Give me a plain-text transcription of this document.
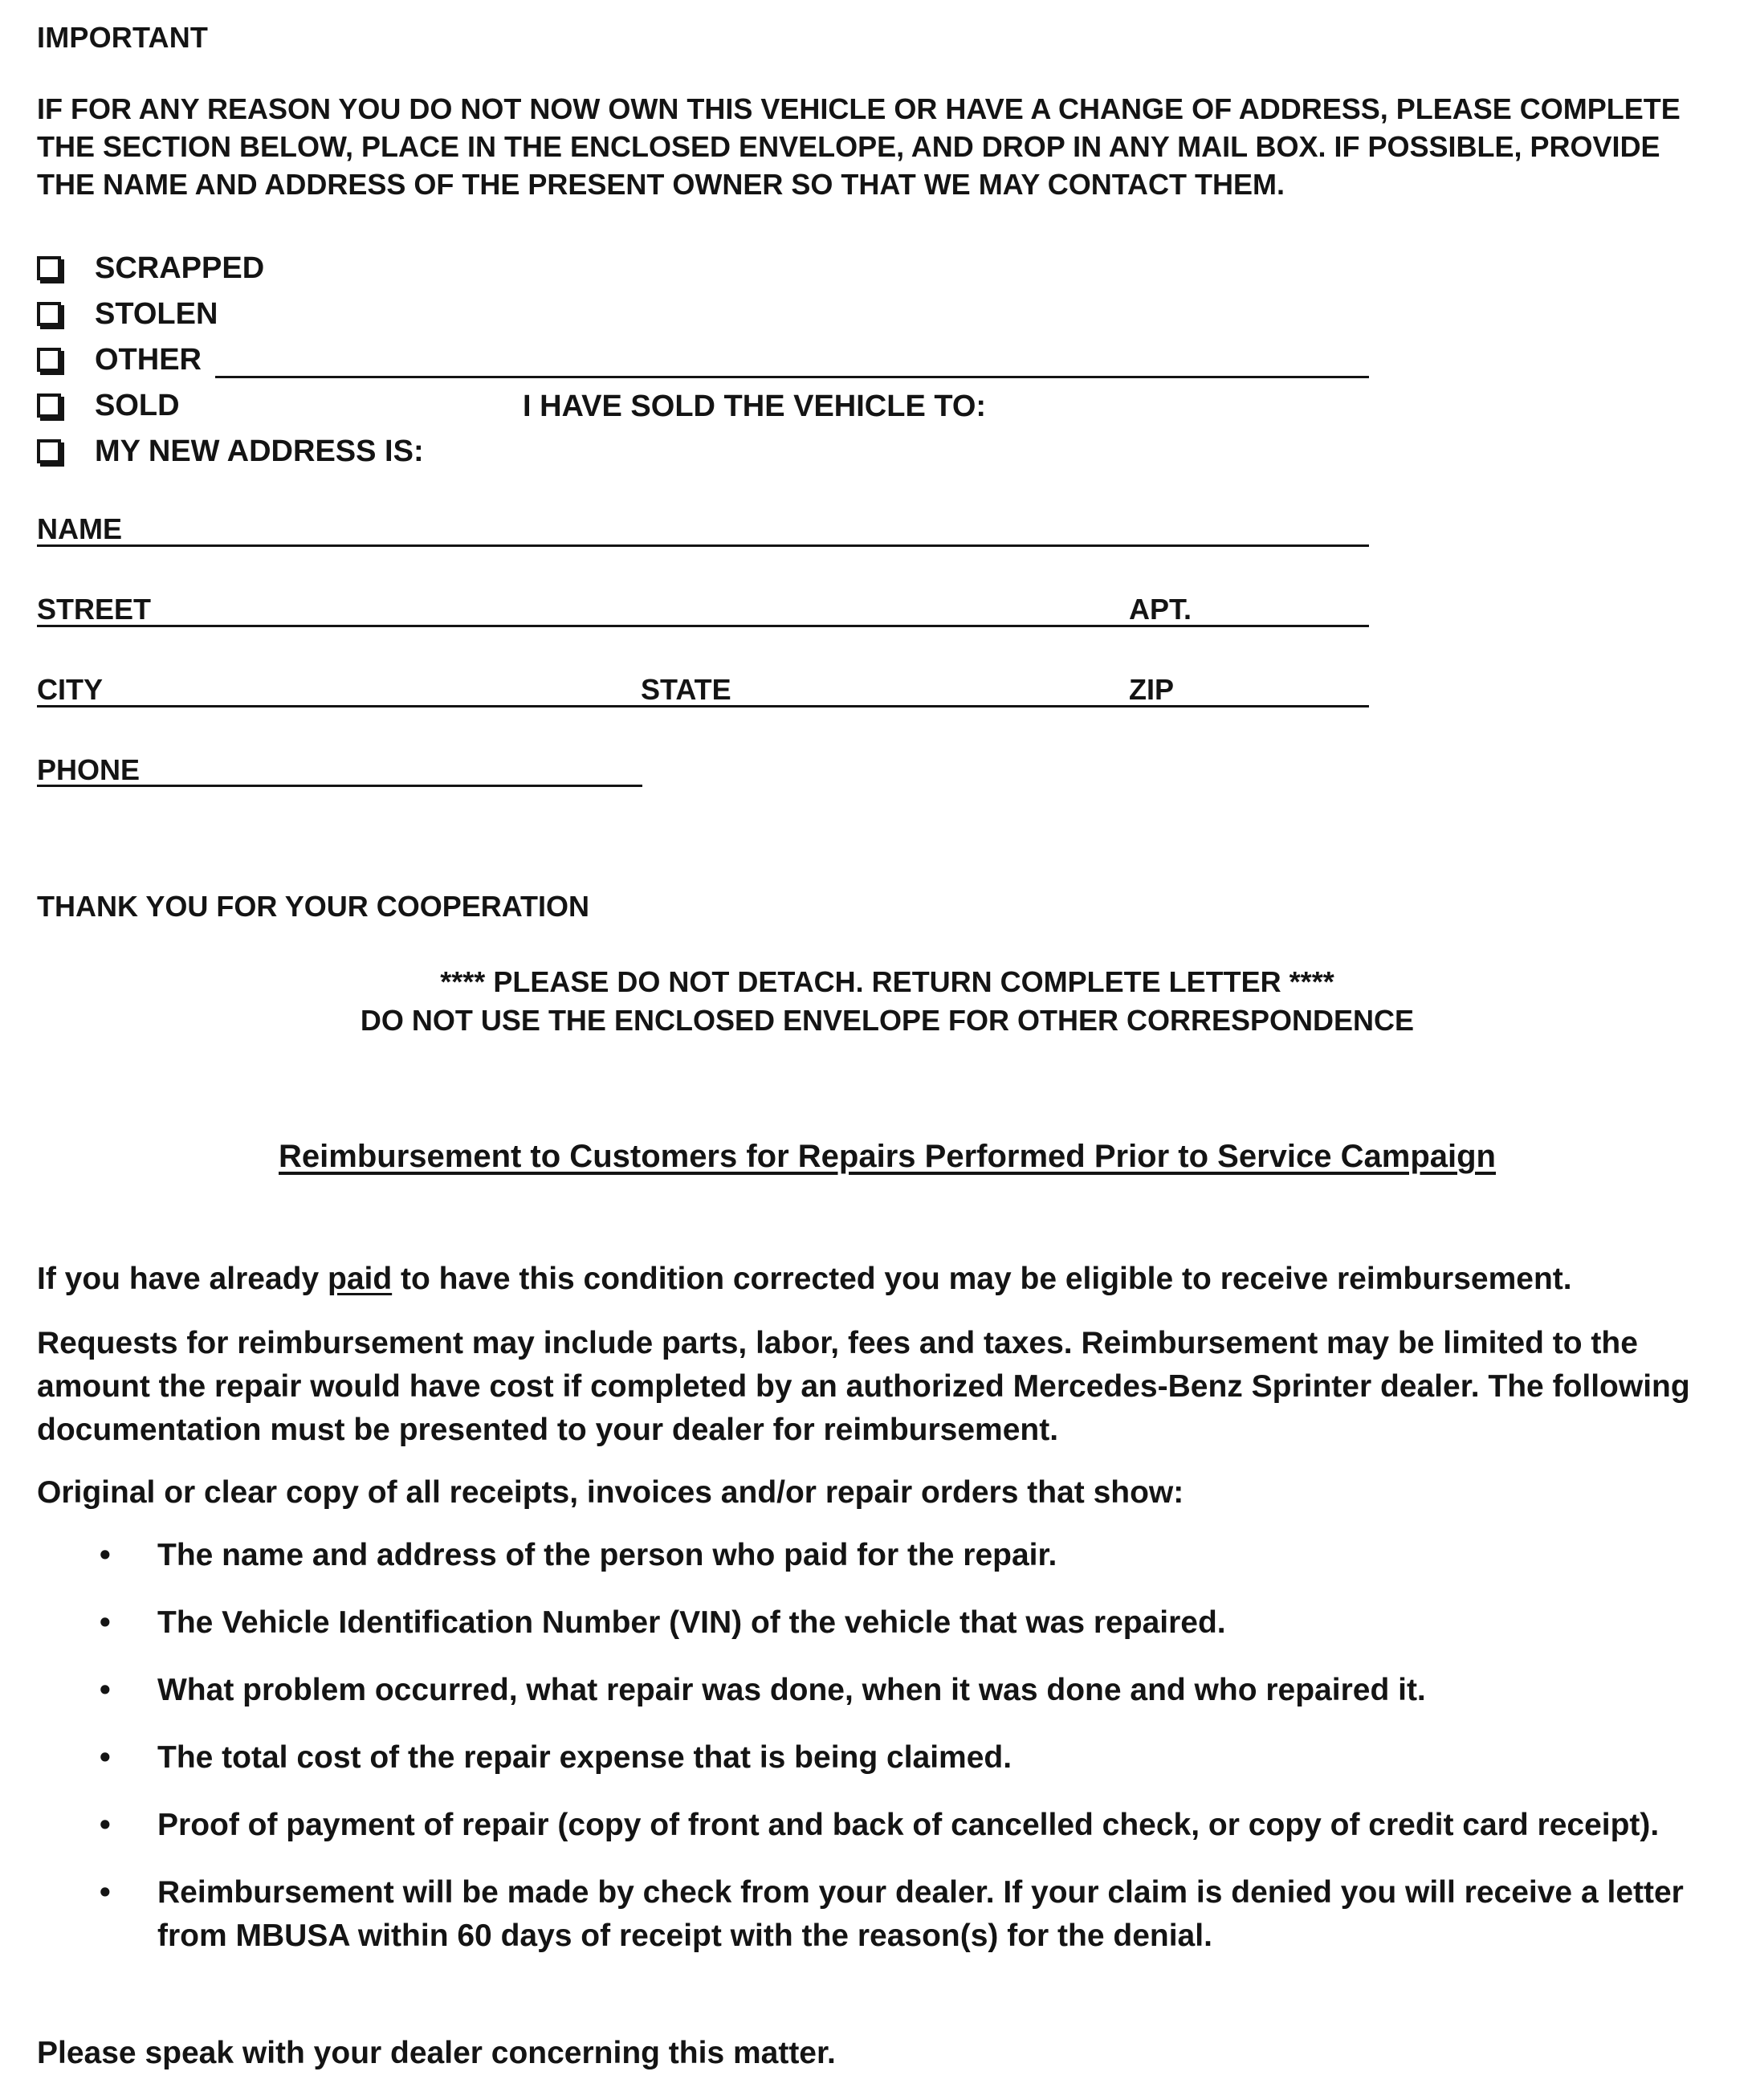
IMPORTANT
IF FOR ANY REASON YOU DO NOT NOW OWN THIS VEHICLE OR HAVE A CHANGE OF ADDRESS, PLEASE COMPLETE THE SECTION BELOW, PLACE IN THE ENCLOSED ENVELOPE, AND DROP IN ANY MAIL BOX. IF POSSIBLE, PROVIDE THE NAME AND ADDRESS OF THE PRESENT OWNER SO THAT WE MAY CONTACT THEM.
SCRAPPED
STOLEN
OTHER
SOLD	I HAVE SOLD THE VEHICLE TO:
MY NEW ADDRESS IS:
NAME
STREET	APT.
CITY	STATE	ZIP
PHONE
THANK YOU FOR YOUR COOPERATION
**** PLEASE DO NOT DETACH. RETURN COMPLETE LETTER ****
DO NOT USE THE ENCLOSED ENVELOPE FOR OTHER CORRESPONDENCE
Reimbursement to Customers for Repairs Performed Prior to Service Campaign
If you have already paid to have this condition corrected you may be eligible to receive reimbursement.
Requests for reimbursement may include parts, labor, fees and taxes. Reimbursement may be limited to the amount the repair would have cost if completed by an authorized Mercedes-Benz Sprinter dealer. The following documentation must be presented to your dealer for reimbursement.
Original or clear copy of all receipts, invoices and/or repair orders that show:
• The name and address of the person who paid for the repair.
• The Vehicle Identification Number (VIN) of the vehicle that was repaired.
• What problem occurred, what repair was done, when it was done and who repaired it.
• The total cost of the repair expense that is being claimed.
• Proof of payment of repair (copy of front and back of cancelled check, or copy of credit card receipt).
• Reimbursement will be made by check from your dealer. If your claim is denied you will receive a letter from MBUSA within 60 days of receipt with the reason(s) for the denial.
Please speak with your dealer concerning this matter.
